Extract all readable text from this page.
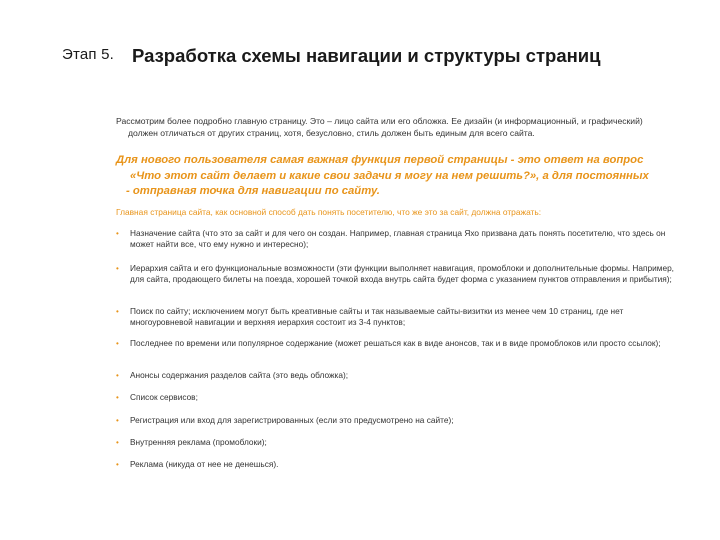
Этап 5. Разработка схемы навигации и структуры страниц
Рассмотрим более подробно главную страницу. Это – лицо сайта или его обложка. Ее дизайн (и информационный, и графический)
должен отличаться от других страниц, хотя, безусловно, стиль должен быть единым для всего сайта.
Для нового пользователя самая важная функция первой страницы - это ответ на вопрос
«Что этот сайт делает и какие свои задачи я могу на нем решить?», а для постоянных
- отправная точка для навигации по сайту.
Главная страница сайта, как основной способ дать понять посетителю, что же это за сайт, должна отражать:
•	Назначение сайта (что это за сайт и для чего он создан. Например, главная страница Яхо призвана дать понять посетителю, что здесь он может найти все, что ему нужно и интересно);
•	Иерархия сайта и его функциональные возможности (эти функции выполняет навигация, промоблоки и дополнительные формы. Например, для сайта, продающего билеты на поезда, хорошей точкой входа внутрь сайта будет форма с указанием пунктов отправления и прибытия);
•	Поиск по сайту; исключением могут быть креативные сайты и так называемые сайты-визитки из менее чем 10 страниц, где нет многоуровневой навигации и верхняя иерархия состоит из 3-4 пунктов;
•	Последнее по времени или популярное содержание (может решаться как в виде анонсов, так и в виде промоблоков или просто ссылок);
•	Анонсы содержания разделов сайта (это ведь обложка);
•	Список сервисов;
•	Регистрация или вход для зарегистрированных (если это предусмотрено на сайте);
•	Внутренняя реклама (промоблоки);
•	Реклама (никуда от нее не денешься).
